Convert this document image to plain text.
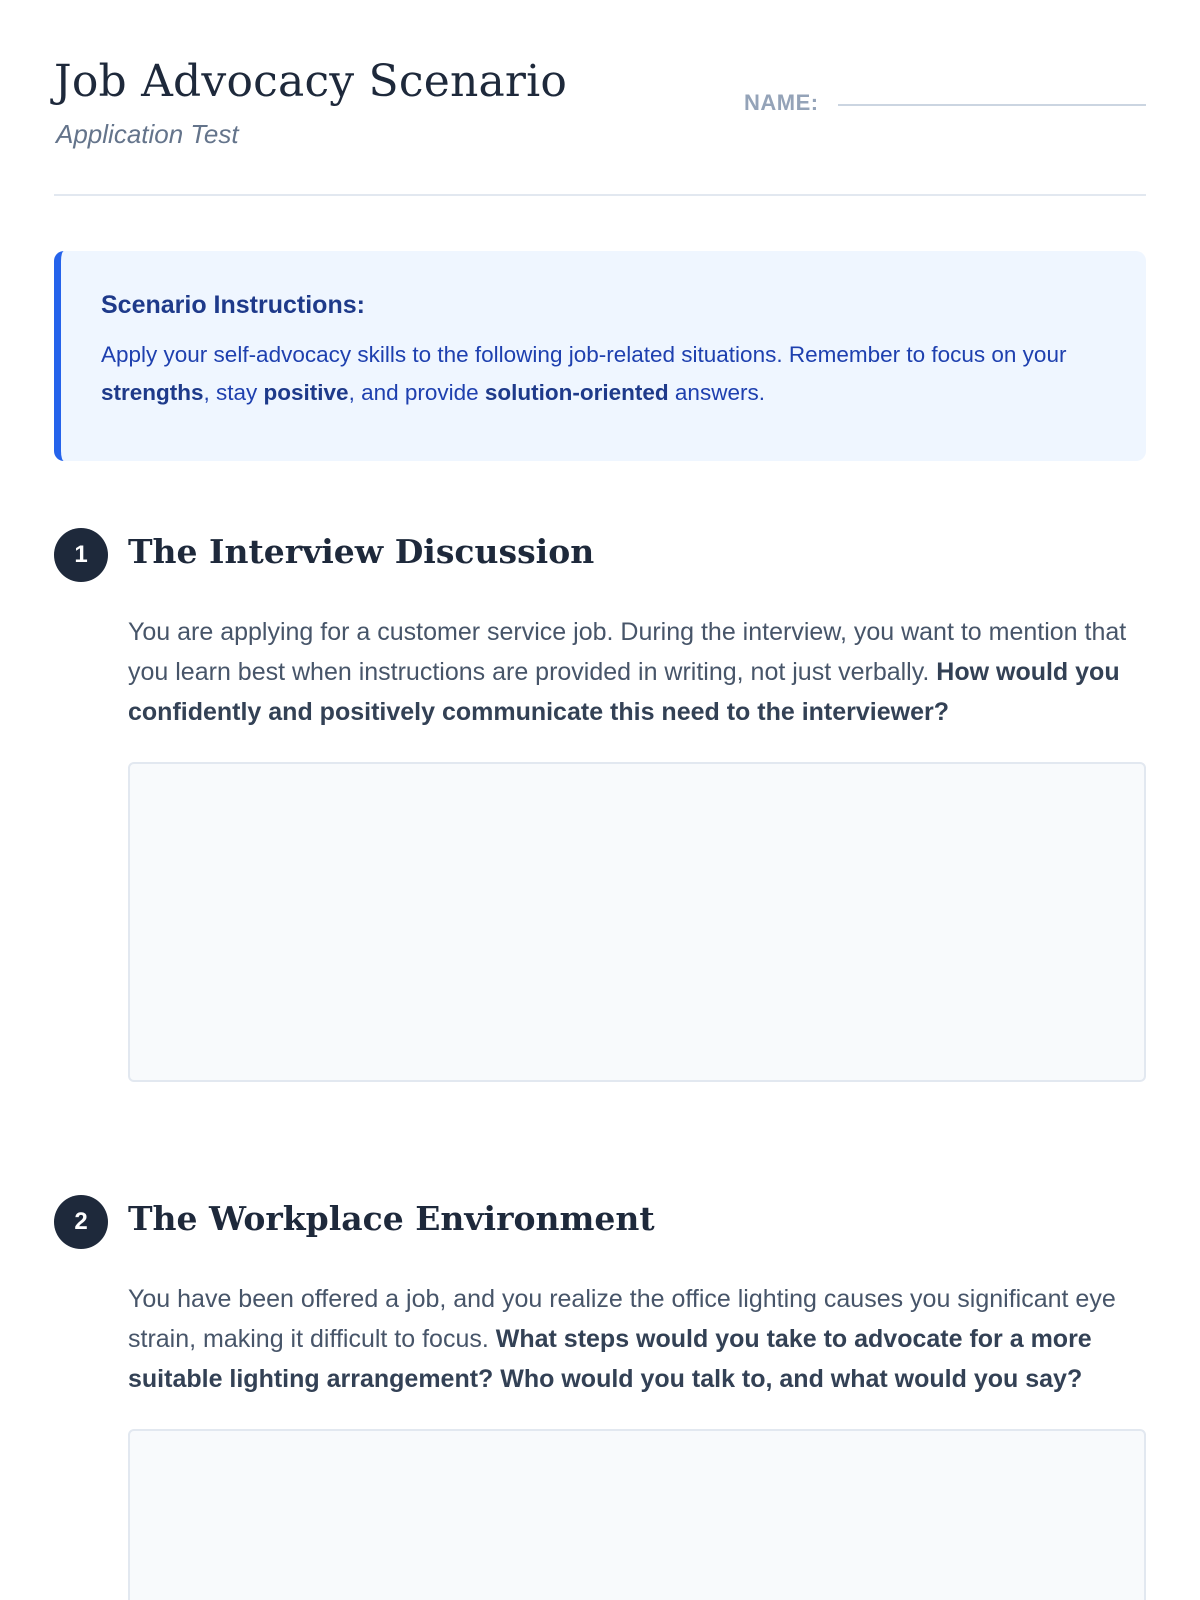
Job Advocacy Scenario
Application Test
NAME:
Scenario Instructions:

Apply your self-advocacy skills to the following job-related situations. Remember to focus on your strengths, stay positive, and provide solution-oriented answers.

1	The Interview Discussion

You are applying for a customer service job. During the interview, you want to mention that you learn best when instructions are provided in writing, not just verbally. How would you confidently and positively communicate this need to the interviewer?

2	The Workplace Environment

You have been offered a job, and you realize the office lighting causes you significant eye strain, making it difficult to focus. What steps would you take to advocate for a more suitable lighting arrangement? Who would you talk to, and what would you say?
